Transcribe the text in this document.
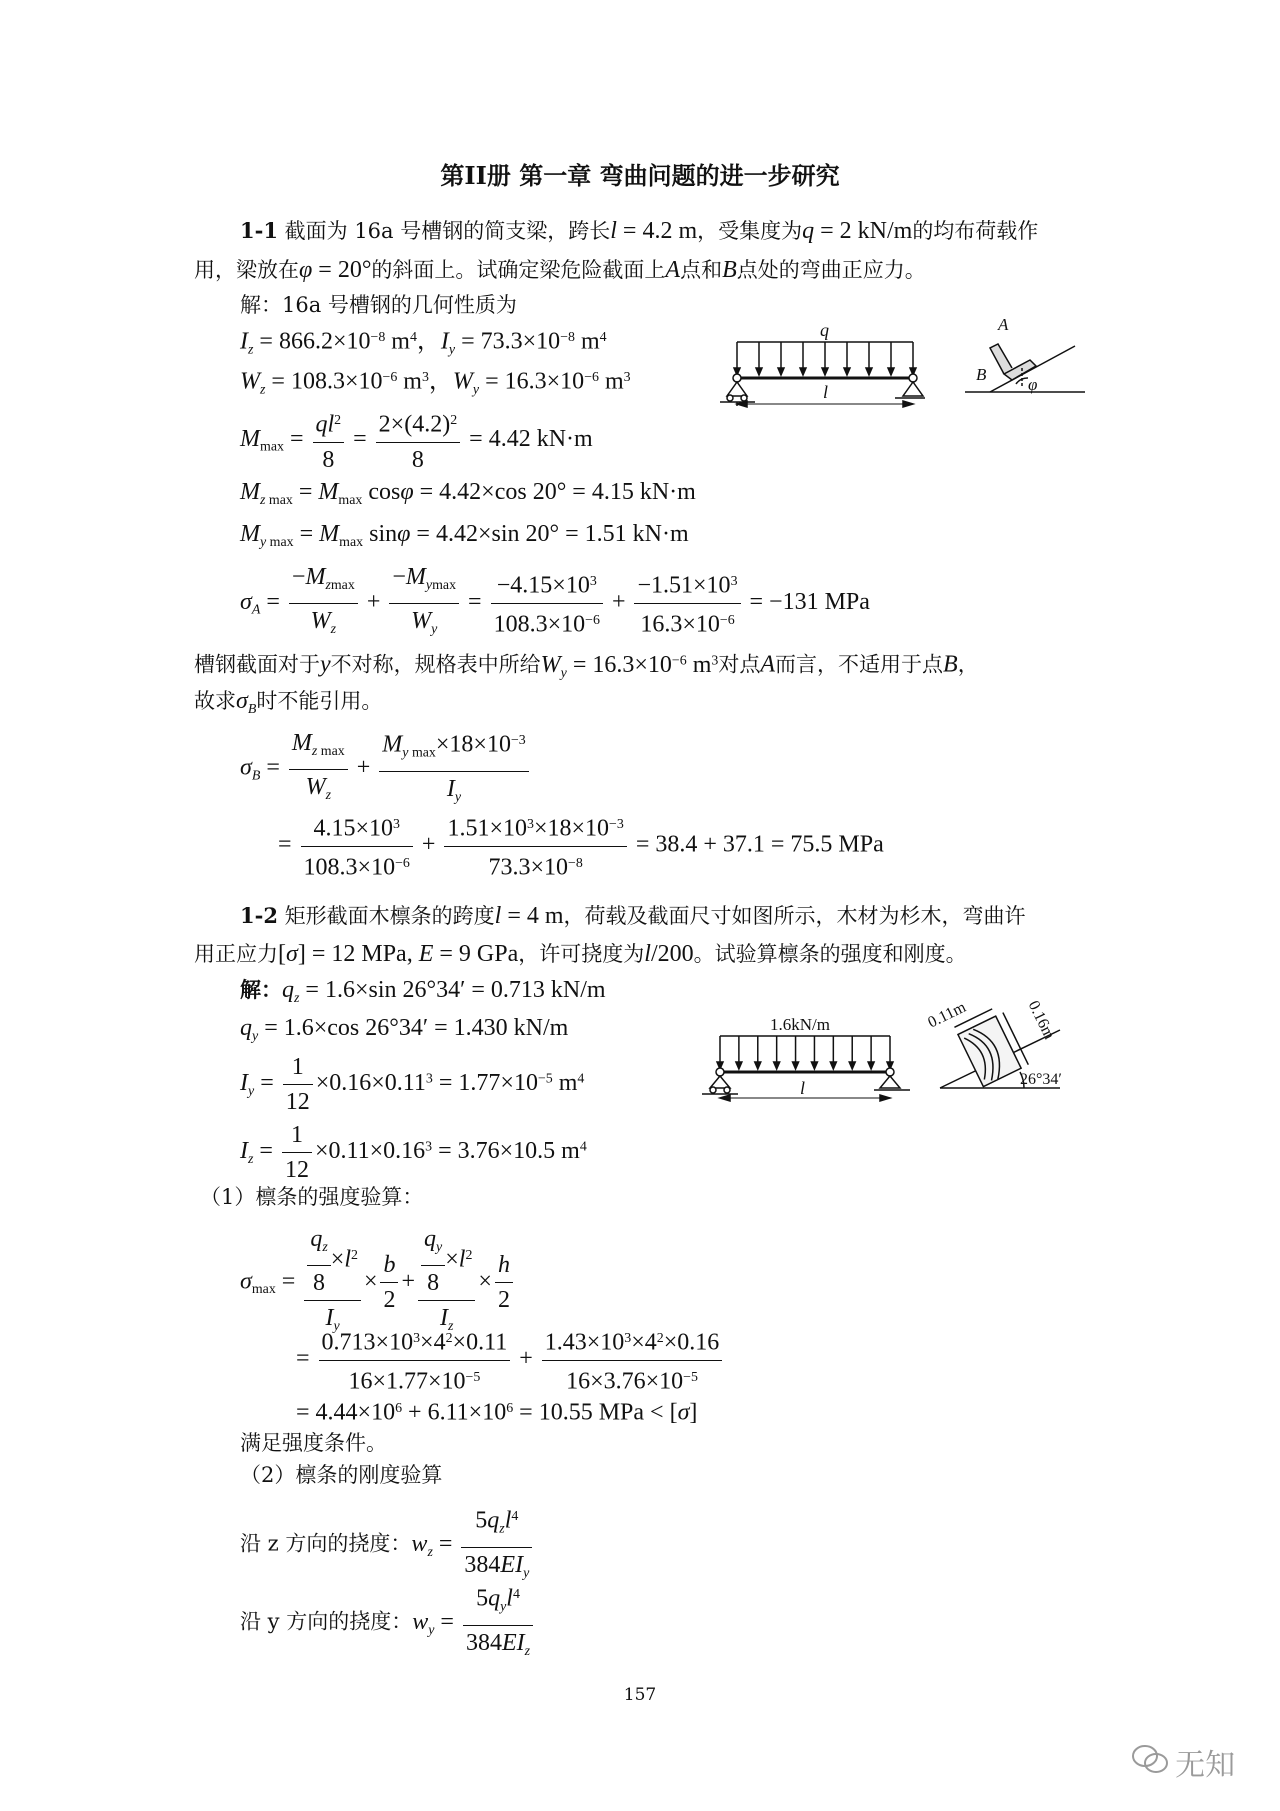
第II册 第一章 弯曲问题的进一步研究
1-1 截面为 16a 号槽钢的简支梁，跨长l = 4.2 m，受集度为q = 2 kN/m的均布荷载作
用，梁放在φ = 20°的斜面上。试确定梁危险截面上A点和B点处的弯曲正应力。
解：16a 号槽钢的几何性质为
$I_z = 866.2\times 10^{-8}$ $m^4$，$I_y = 73.3\times 10^{-8}$ $m^4$
$W_z = 108.3\times 10^{-6}$ $m^3$，$W_y = 16.3\times 10^{-6}$ $m^3$
q
l
A
B
φ
$M_{max} = \frac{ql^2}{8} = \frac{2\times(4.2)^2}{8} = 4.42$ kN·m
$M_{z max} = M_{max}$ cosφ = 4.42×cos 20° = 4.15 kN·m
$M_{y max} = M_{max}$ sinφ = 4.42×sin 20° = 1.51 kN·m
$\sigma_A = \frac{-M_{zmax}}{W_z} + \frac{-M_{ymax}}{W_y} = \frac{-4.15\times 10^3}{108.3\times 10^{-6}} + \frac{-1.51\times 10^3}{16.3\times 10^{-6}} = -131$ MPa
槽钢截面对于y不对称，规格表中所给$W_y = 16.3\times 10^{-6}$ $m^3$对点A而言，不适用于点B，
故求$\sigma_B$时不能引用。
$\sigma_B = \frac{M_{z max}}{W_z} + \frac{M_{y max}\times 18\times 10^{-3}}{I_y}$
= $\frac{4.15\times 10^3}{108.3\times 10^{-6}} + \frac{1.51\times 10^3\times 18\times 10^{-3}}{73.3\times 10^{-8}} = 38.4 + 37.1 = 75.5$ MPa
1-2 矩形截面木檩条的跨度l = 4 m，荷载及截面尺寸如图所示，木材为杉木，弯曲许
用正应力[σ] = 12 MPa, E = 9 GPa，许可挠度为l/200。试验算檩条的强度和刚度。
解：$q_z = 1.6\times\sin$ 26°34′ = 0.713 kN/m
$q_y = 1.6\times\cos$ 26°34′ = 1.430 kN/m	1.6kN/m
l
0.11m	0.16m
26°34′
$I_y = \frac{1}{12} \times 0.16\times 0.11^3 = 1.77\times 10^{-5}$ $m^4$
$I_z = \frac{1}{12} \times 0.11\times 0.16^3 = 3.76\times 10.5$ $m^4$
（1）檩条的强度验算：
$\sigma_{max} = \frac{\frac{q_z}{8} \times l^2}{I_y} \times \frac{b}{2} + \frac{\frac{q_y}{8} \times l^2}{I_z} \times \frac{h}{2}$
= $\frac{0.713\times 10^3\times 4^2\times 0.11}{16\times 1.77\times 10^{-5}} + \frac{1.43\times 10^3\times 4^2\times 0.16}{16\times 3.76\times 10^{-5}}$
= $4.44\times 10^6 + 6.11\times 10^6 = 10.55$ MPa < [σ]
满足强度条件。
（2）檩条的刚度验算
沿 z 方向的挠度：$w_z = \frac{5q_zl^4}{384EI_y}$
沿 y 方向的挠度：$w_y = \frac{5q_yl^4}{384EI_z}$
157
无知
